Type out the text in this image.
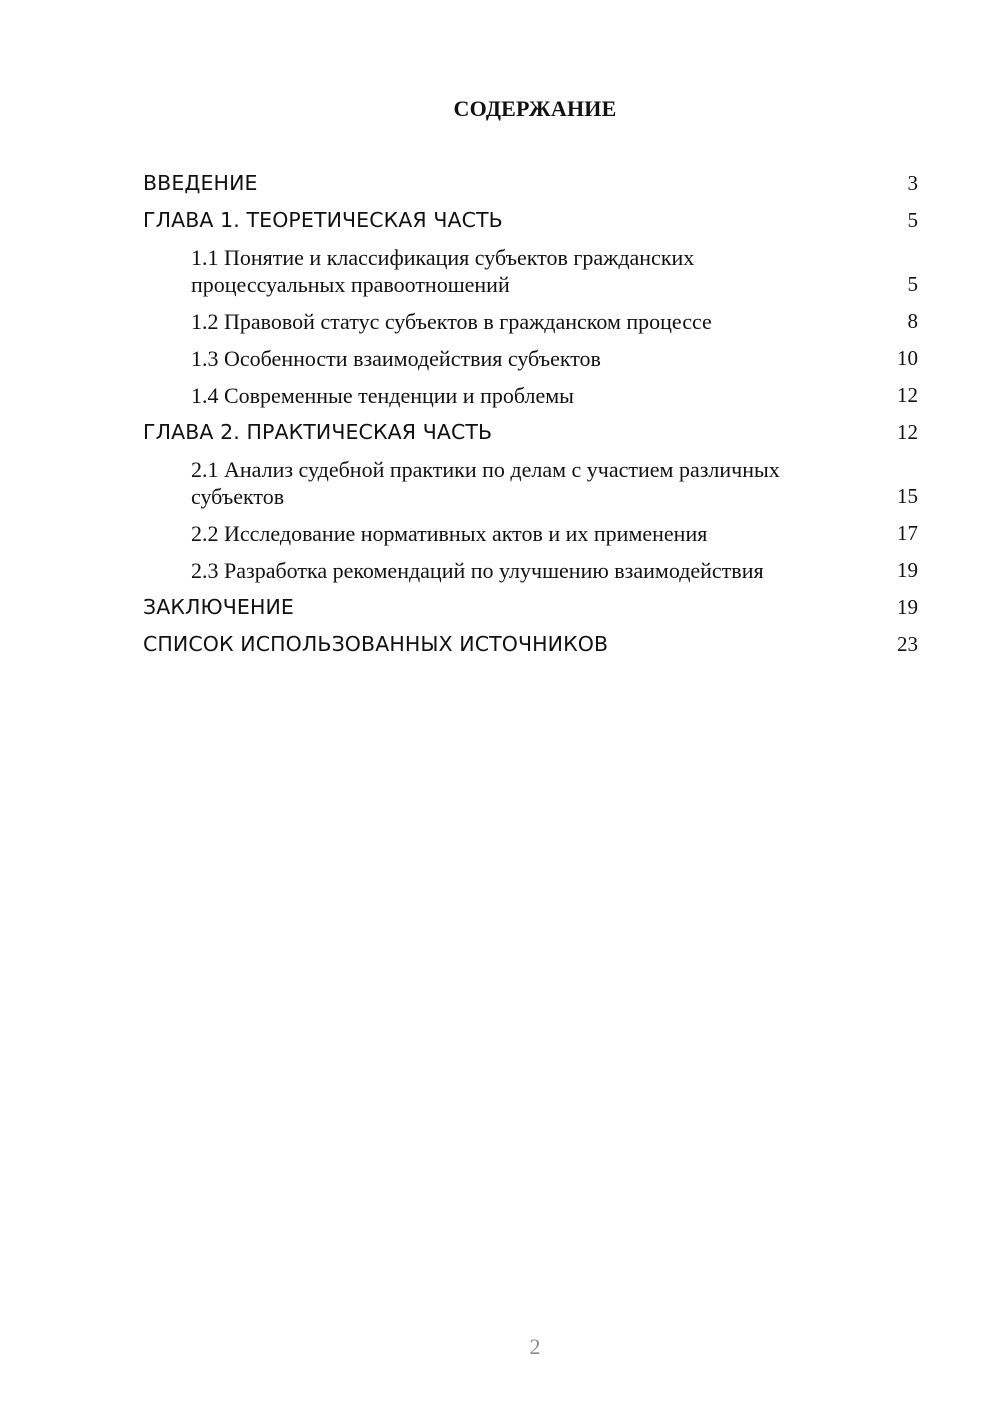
СОДЕРЖАНИЕ
ВВЕДЕНИЕ	3
ГЛАВА 1. ТЕОРЕТИЧЕСКАЯ ЧАСТЬ	5
1.1 Понятие и классификация субъектов гражданских процессуальных правоотношений	5
1.2 Правовой статус субъектов в гражданском процессе	8
1.3 Особенности взаимодействия субъектов	10
1.4 Современные тенденции и проблемы	12
ГЛАВА 2. ПРАКТИЧЕСКАЯ ЧАСТЬ	12
2.1 Анализ судебной практики по делам с участием различных субъектов	15
2.2 Исследование нормативных актов и их применения	17
2.3 Разработка рекомендаций по улучшению взаимодействия	19
ЗАКЛЮЧЕНИЕ	19
СПИСОК ИСПОЛЬЗОВАННЫХ ИСТОЧНИКОВ	23
2
